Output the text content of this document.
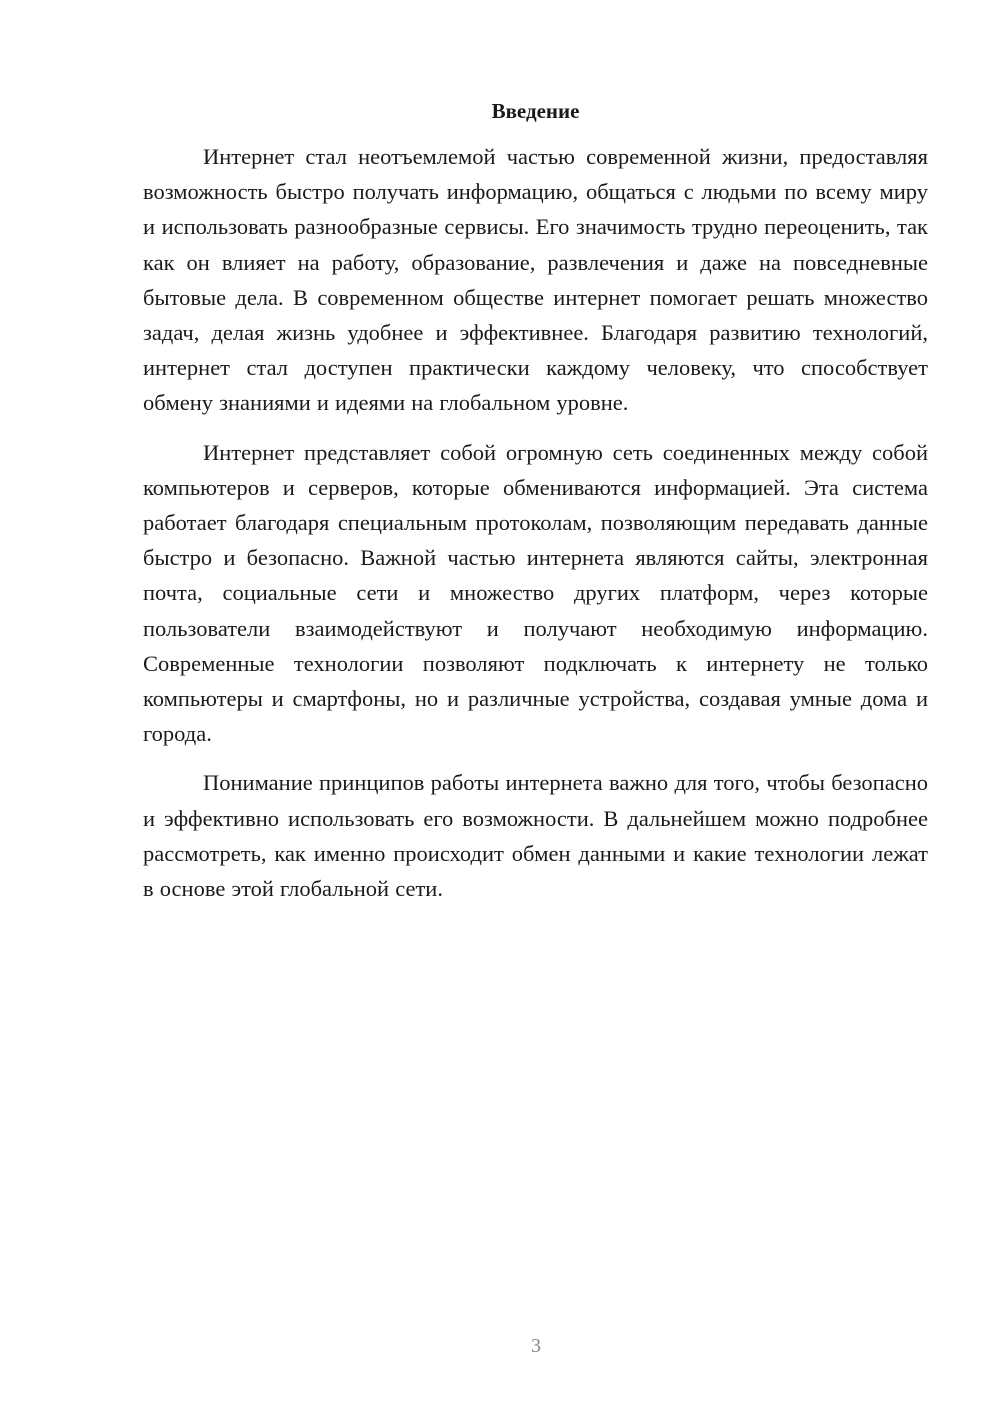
Введение

Интернет стал неотъемлемой частью современной жизни, предоставляя возможность быстро получать информацию, общаться с людьми по всему миру и использовать разнообразные сервисы. Его значимость трудно переоценить, так как он влияет на работу, образование, развлечения и даже на повседневные бытовые дела. В современном обществе интернет помогает решать множество задач, делая жизнь удобнее и эффективнее. Благодаря развитию технологий, интернет стал доступен практически каждому человеку, что способствует обмену знаниями и идеями на глобальном уровне.

Интернет представляет собой огромную сеть соединенных между собой компьютеров и серверов, которые обмениваются информацией. Эта система работает благодаря специальным протоколам, позволяющим передавать данные быстро и безопасно. Важной частью интернета являются сайты, электронная почта, социальные сети и множество других платформ, через которые пользователи взаимодействуют и получают необходимую информацию. Современные технологии позволяют подключать к интернету не только компьютеры и смартфоны, но и различные устройства, создавая умные дома и города.

Понимание принципов работы интернета важно для того, чтобы безопасно и эффективно использовать его возможности. В дальнейшем можно подробнее рассмотреть, как именно происходит обмен данными и какие технологии лежат в основе этой глобальной сети.

3
